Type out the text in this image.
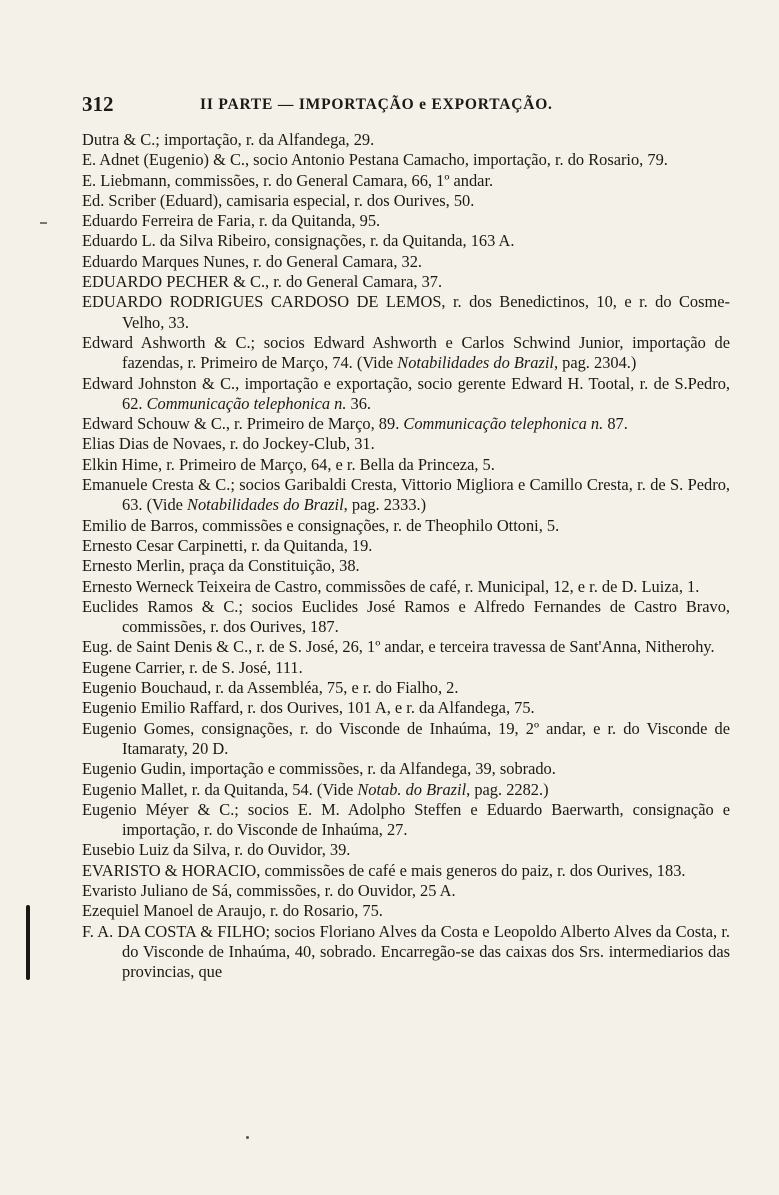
312	II PARTE — IMPORTAÇÃO e EXPORTAÇÃO.

Dutra & C.; importação, r. da Alfandega, 29.

E. Adnet (Eugenio) & C., socio Antonio Pestana Camacho, importação, r. do Rosario, 79.

E. Liebmann, commissões, r. do General Camara, 66, 1º andar.

Ed. Scriber (Eduard), camisaria especial, r. dos Ourives, 50.

Eduardo Ferreira de Faria, r. da Quitanda, 95.

Eduardo L. da Silva Ribeiro, consignações, r. da Quitanda, 163 A.

Eduardo Marques Nunes, r. do General Camara, 32.

EDUARDO PECHER & C., r. do General Camara, 37.

EDUARDO RODRIGUES CARDOSO DE LEMOS, r. dos Benedictinos, 10, e r. do Cosme-Velho, 33.

Edward Ashworth & C.; socios Edward Ashworth e Carlos Schwind Junior, importação de fazendas, r. Primeiro de Março, 74. (Vide Notabilidades do Brazil, pag. 2304.)

Edward Johnston & C., importação e exportação, socio gerente Edward H. Tootal, r. de S.Pedro, 62. Communicação telephonica n. 36.

Edward Schouw & C., r. Primeiro de Março, 89. Communicação telephonica n. 87.

Elias Dias de Novaes, r. do Jockey-Club, 31.

Elkin Hime, r. Primeiro de Março, 64, e r. Bella da Princeza, 5.

Emanuele Cresta & C.; socios Garibaldi Cresta, Vittorio Migliora e Camillo Cresta, r. de S. Pedro, 63. (Vide Notabilidades do Brazil, pag. 2333.)

Emilio de Barros, commissões e consignações, r. de Theophilo Ottoni, 5.

Ernesto Cesar Carpinetti, r. da Quitanda, 19.

Ernesto Merlin, praça da Constituição, 38.

Ernesto Werneck Teixeira de Castro, commissões de café, r. Municipal, 12, e r. de D. Luiza, 1.

Euclides Ramos & C.; socios Euclides José Ramos e Alfredo Fernandes de Castro Bravo, commissões, r. dos Ourives, 187.

Eug. de Saint Denis & C., r. de S. José, 26, 1º andar, e terceira travessa de Sant'Anna, Nitherohy.

Eugene Carrier, r. de S. José, 111.

Eugenio Bouchaud, r. da Assembléa, 75, e r. do Fialho, 2.

Eugenio Emilio Raffard, r. dos Ourives, 101 A, e r. da Alfandega, 75.

Eugenio Gomes, consignações, r. do Visconde de Inhaúma, 19, 2º andar, e r. do Visconde de Itamaraty, 20 D.

Eugenio Gudin, importação e commissões, r. da Alfandega, 39, sobrado.

Eugenio Mallet, r. da Quitanda, 54. (Vide Notab. do Brazil, pag. 2282.)

Eugenio Méyer & C.; socios E. M. Adolpho Steffen e Eduardo Baerwarth, consignação e importação, r. do Visconde de Inhaúma, 27.

Eusebio Luiz da Silva, r. do Ouvidor, 39.

EVARISTO & HORACIO, commissões de café e mais generos do paiz, r. dos Ourives, 183.

Evaristo Juliano de Sá, commissões, r. do Ouvidor, 25 A.

Ezequiel Manoel de Araujo, r. do Rosario, 75.

F. A. DA COSTA & FILHO; socios Floriano Alves da Costa e Leopoldo Alberto Alves da Costa, r. do Visconde de Inhaúma, 40, sobrado. Encarregão-se das caixas dos Srs. intermediarios das provincias, que
